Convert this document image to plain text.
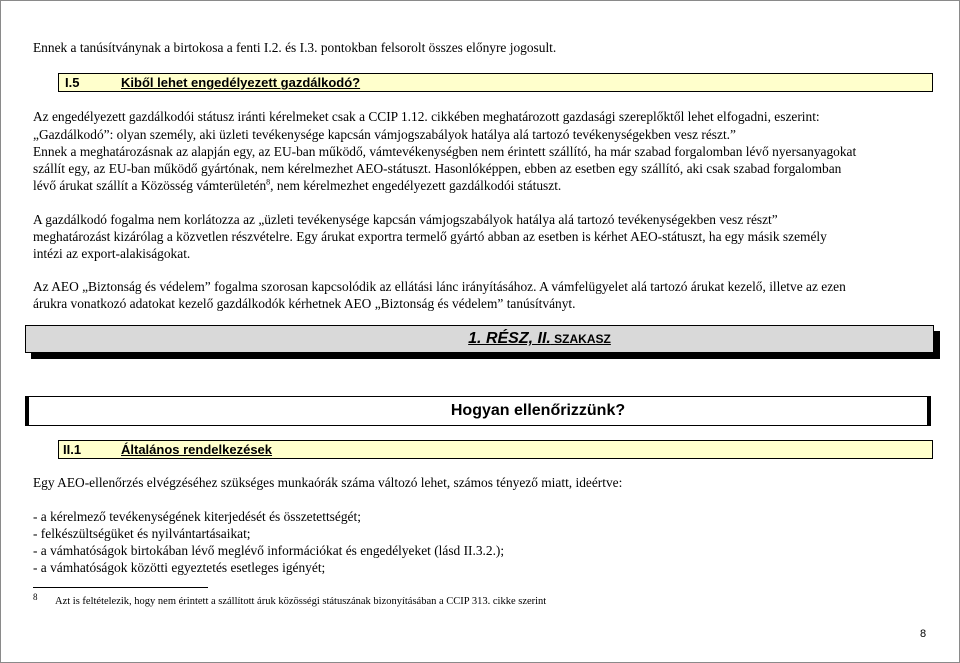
Ennek a tanúsítványnak a birtokosa a fenti I.2. és I.3. pontokban felsorolt összes előnyre jogosult.

I.5	Kiből lehet engedélyezett gazdálkodó?

Az engedélyezett gazdálkodói státusz iránti kérelmeket csak a CCIP 1.12. cikkében meghatározott gazdasági szereplőktől lehet elfogadni, eszerint:

„Gazdálkodó”: olyan személy, aki üzleti tevékenysége kapcsán vámjogszabályok hatálya alá tartozó tevékenységekben vesz részt.”

Ennek a meghatározásnak az alapján egy, az EU-ban működő, vámtevékenységben nem érintett szállító, ha már szabad forgalomban lévő nyersanyagokat

szállít egy, az EU-ban működő gyártónak, nem kérelmezhet AEO-státuszt. Hasonlóképpen, ebben az esetben egy szállító, aki csak szabad forgalomban

lévő árukat szállít a Közösség vámterületén$^8$, nem kérelmezhet engedélyezett gazdálkodói státuszt.

A gazdálkodó fogalma nem korlátozza az „üzleti tevékenysége kapcsán vámjogszabályok hatálya alá tartozó tevékenységekben vesz részt”

meghatározást kizárólag a közvetlen részvételre. Egy árukat exportra termelő gyártó abban az esetben is kérhet AEO-státuszt, ha egy másik személy

intézi az export-alakiságokat.

Az AEO „Biztonság és védelem” fogalma szorosan kapcsolódik az ellátási lánc irányításához. A vámfelügyelet alá tartozó árukat kezelő, illetve az ezen

árukra vonatkozó adatokat kezelő gazdálkodók kérhetnek AEO „Biztonság és védelem” tanúsítványt.

1. RÉSZ, II. SZAKASZ
Hogyan ellenőrizzünk?
II.1	Általános rendelkezések

Egy AEO-ellenőrzés elvégzéséhez szükséges munkaórák száma változó lehet, számos tényező miatt, ideértve:

- a kérelmező tevékenységének kiterjedését és összetettségét;

- felkészültségüket és nyilvántartásaikat;

- a vámhatóságok birtokában lévő meglévő információkat és engedélyeket (lásd II.3.2.);

- a vámhatóságok közötti egyeztetés esetleges igényét;

8 Azt is feltételezik, hogy nem érintett a szállított áruk közösségi státuszának bizonyításában a CCIP 313. cikke szerint
8
